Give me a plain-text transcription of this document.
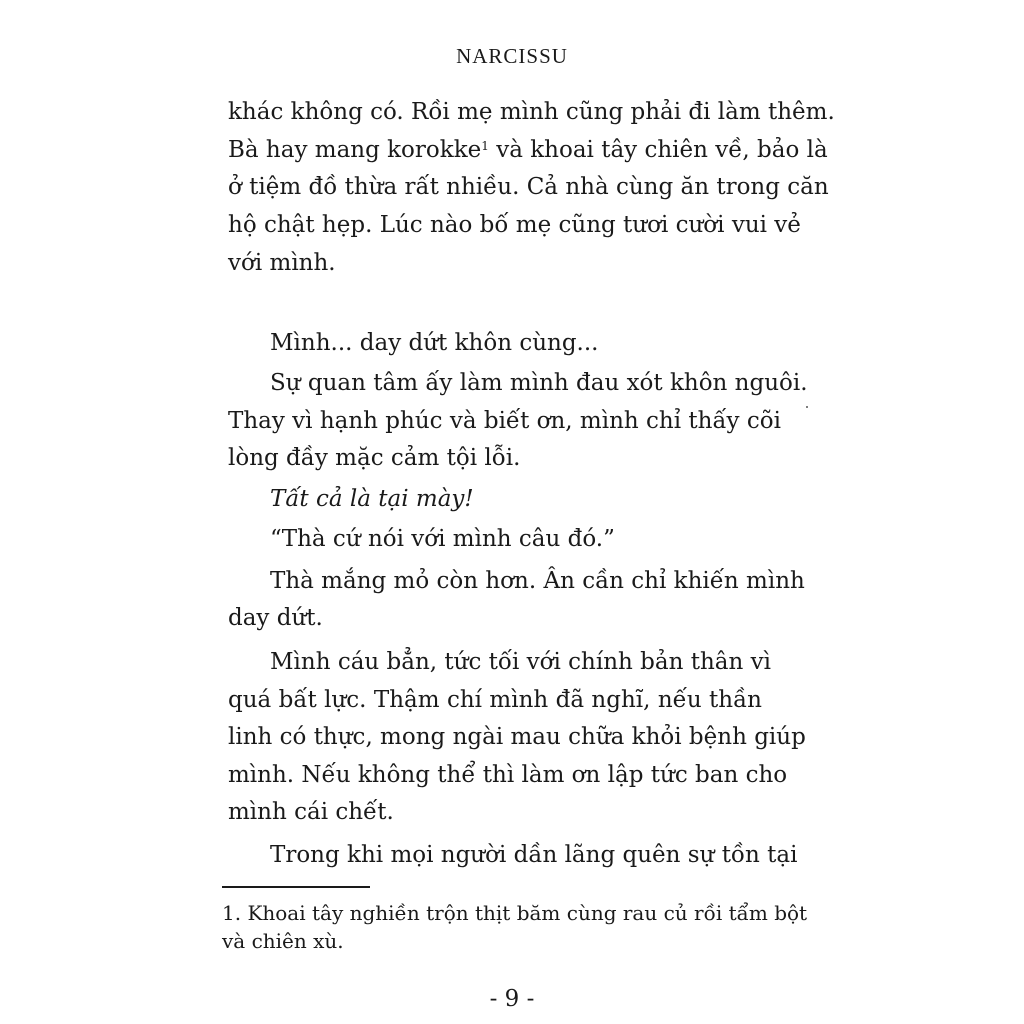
NARCISSU
khác không có. Rồi mẹ mình cũng phải đi làm thêm.
Bà hay mang korokke$^1$ và khoai tây chiên về, bảo là
ở tiệm đồ thừa rất nhiều. Cả nhà cùng ăn trong căn
hộ chật hẹp. Lúc nào bố mẹ cũng tươi cười vui vẻ
với mình.
Mình... day dứt khôn cùng...
Sự quan tâm ấy làm mình đau xót khôn nguôi.
Thay vì hạnh phúc và biết ơn, mình chỉ thấy cõi
lòng đầy mặc cảm tội lỗi.
Tất cả là tại mày!
“Thà cứ nói với mình câu đó.”
Thà mắng mỏ còn hơn. Ân cần chỉ khiến mình
day dứt.
Mình cáu bẳn, tức tối với chính bản thân vì
quá bất lực. Thậm chí mình đã nghĩ, nếu thần
linh có thực, mong ngài mau chữa khỏi bệnh giúp
mình. Nếu không thể thì làm ơn lập tức ban cho
mình cái chết.
Trong khi mọi người dần lãng quên sự tồn tại
1. Khoai tây nghiền trộn thịt băm cùng rau củ rồi tẩm bột
và chiên xù.
- 9 -
